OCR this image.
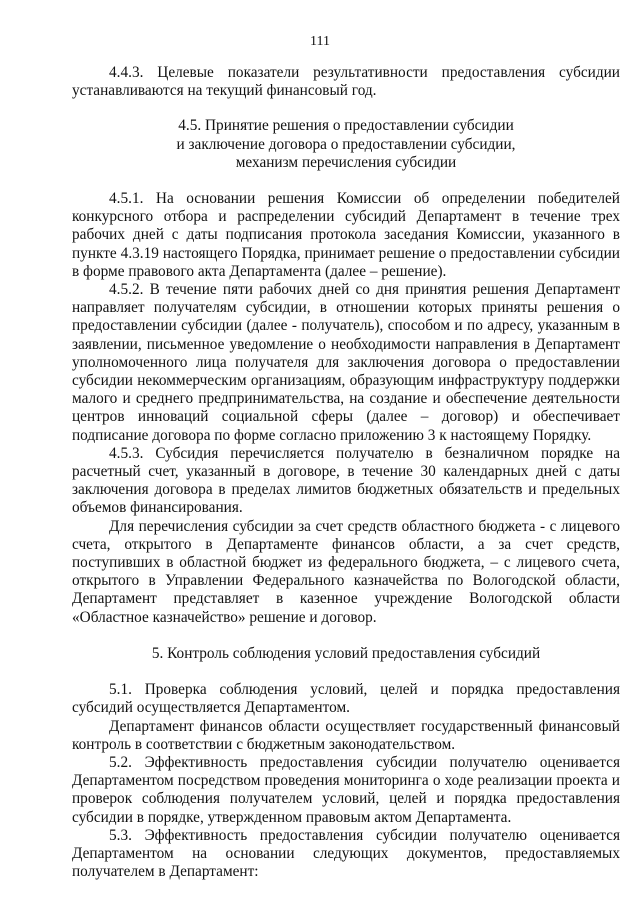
111

4.4.3. Целевые показатели результативности предоставления субсидии устанавливаются на текущий финансовый год.

4.5. Принятие решения о предоставлении субсидии

и заключение договора о предоставлении субсидии,

механизм перечисления субсидии

4.5.1. На основании решения Комиссии об определении победителей конкурсного отбора и распределении субсидий Департамент в течение трех рабочих дней с даты подписания протокола заседания Комиссии, указанного в пункте 4.3.19 настоящего Порядка, принимает решение о предоставлении субсидии в форме правового акта Департамента (далее – решение).

4.5.2. В течение пяти рабочих дней со дня принятия решения Департамент направляет получателям субсидии, в отношении которых приняты решения о предоставлении субсидии (далее - получатель), способом и по адресу, указанным в заявлении, письменное уведомление о необходимости направления в Департамент уполномоченного лица получателя для заключения договора о предоставлении субсидии некоммерческим организациям, образующим инфраструктуру поддержки малого и среднего предпринимательства, на создание и обеспечение деятельности центров инноваций социальной сферы (далее – договор) и обеспечивает подписание договора по форме согласно приложению 3 к настоящему Порядку.

4.5.3. Субсидия перечисляется получателю в безналичном порядке на расчетный счет, указанный в договоре, в течение 30 календарных дней с даты заключения договора в пределах лимитов бюджетных обязательств и предельных объемов финансирования.

Для перечисления субсидии за счет средств областного бюджета - с лицевого счета, открытого в Департаменте финансов области, а за счет средств, поступивших в областной бюджет из федерального бюджета, – с лицевого счета, открытого в Управлении Федерального казначейства по Вологодской области, Департамент представляет в казенное учреждение Вологодской области «Областное казначейство» решение и договор.

5. Контроль соблюдения условий предоставления субсидий

5.1. Проверка соблюдения условий, целей и порядка предоставления субсидий осуществляется Департаментом.

Департамент финансов области осуществляет государственный финансовый контроль в соответствии с бюджетным законодательством.

5.2. Эффективность предоставления субсидии получателю оценивается Департаментом посредством проведения мониторинга о ходе реализации проекта и проверок соблюдения получателем условий, целей и порядка предоставления субсидии в порядке, утвержденном правовым актом Департамента.

5.3. Эффективность предоставления субсидии получателю оценивается Департаментом на основании следующих документов, предоставляемых получателем в Департамент:
